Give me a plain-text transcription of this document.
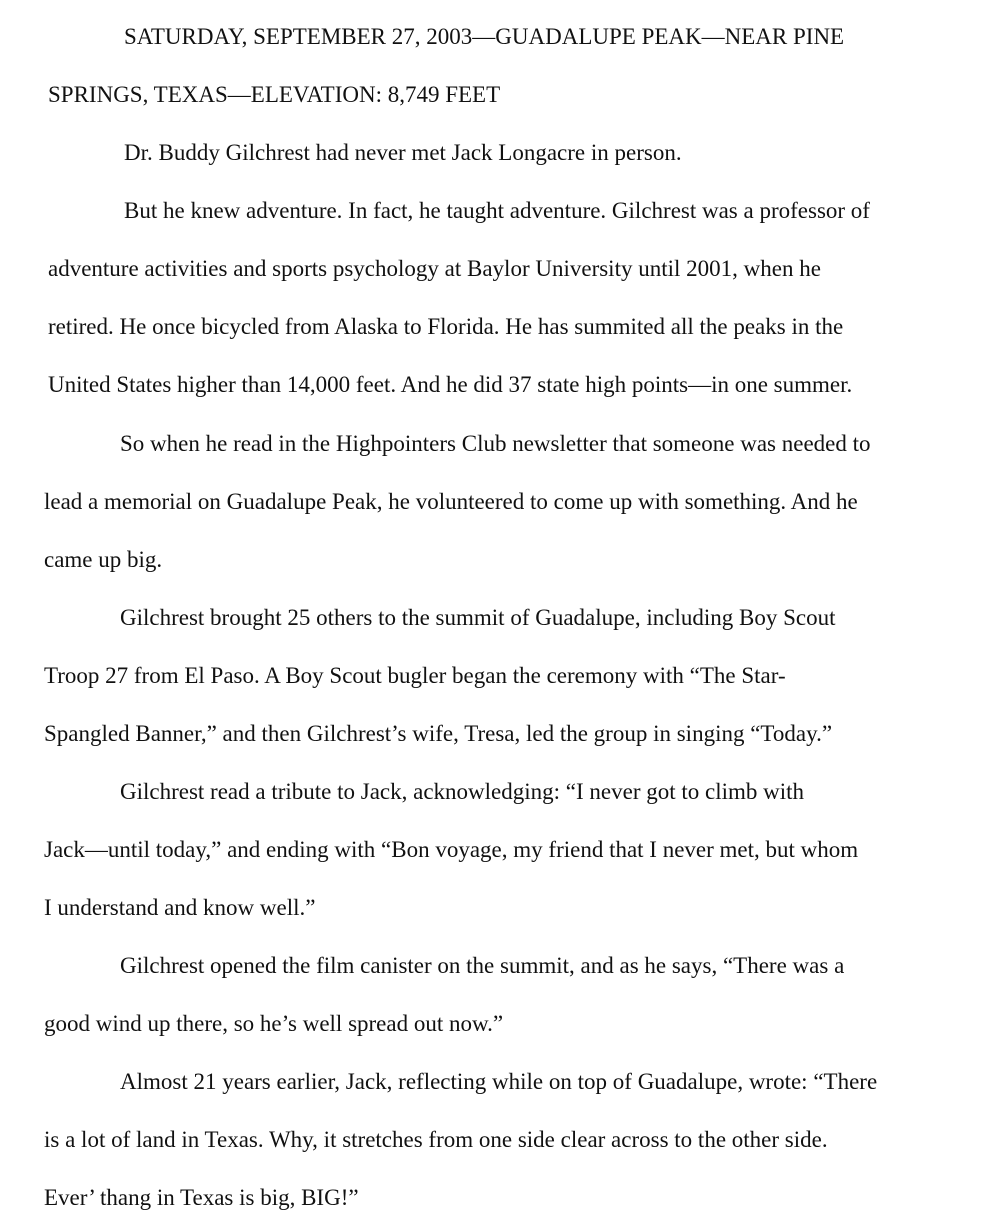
SATURDAY, SEPTEMBER 27, 2003—GUADALUPE PEAK—NEAR PINE
SPRINGS, TEXAS—ELEVATION: 8,749 FEET
Dr. Buddy Gilchrest had never met Jack Longacre in person.
But he knew adventure. In fact, he taught adventure. Gilchrest was a professor of
adventure activities and sports psychology at Baylor University until 2001, when he
retired. He once bicycled from Alaska to Florida. He has summited all the peaks in the
United States higher than 14,000 feet. And he did 37 state high points—in one summer.
So when he read in the Highpointers Club newsletter that someone was needed to
lead a memorial on Guadalupe Peak, he volunteered to come up with something. And he
came up big.
Gilchrest brought 25 others to the summit of Guadalupe, including Boy Scout
Troop 27 from El Paso. A Boy Scout bugler began the ceremony with “The Star-
Spangled Banner,” and then Gilchrest’s wife, Tresa, led the group in singing “Today.”
Gilchrest read a tribute to Jack, acknowledging: “I never got to climb with
Jack—until today,” and ending with “Bon voyage, my friend that I never met, but whom
I understand and know well.”
Gilchrest opened the film canister on the summit, and as he says, “There was a
good wind up there, so he’s well spread out now.”
Almost 21 years earlier, Jack, reflecting while on top of Guadalupe, wrote: “There
is a lot of land in Texas. Why, it stretches from one side clear across to the other side.
Ever’ thang in Texas is big, BIG!”
